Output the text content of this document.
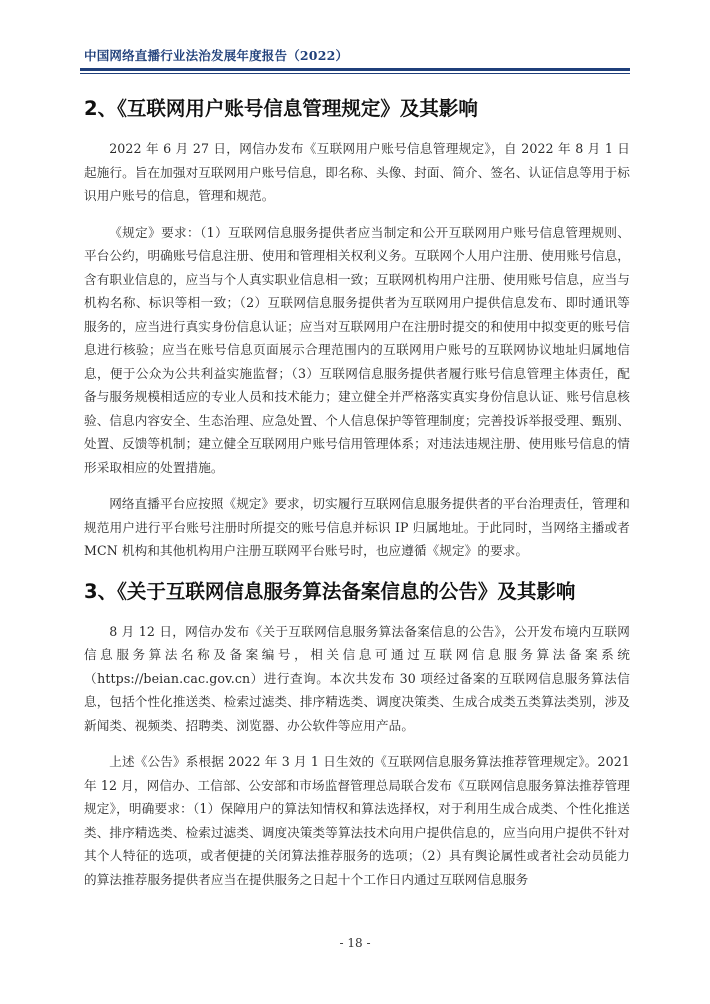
中国网络直播行业法治发展年度报告（2022）
2、《互联网用户账号信息管理规定》及其影响

2022 年 6 月 27 日，网信办发布《互联网用户账号信息管理规定》，自 2022 年 8 月 1 日起施行。旨在加强对互联网用户账号信息，即名称、头像、封面、简介、签名、认证信息等用于标识用户账号的信息，管理和规范。

《规定》要求：（1）互联网信息服务提供者应当制定和公开互联网用户账号信息管理规则、平台公约，明确账号信息注册、使用和管理相关权利义务。互联网个人用户注册、使用账号信息，含有职业信息的，应当与个人真实职业信息相一致；互联网机构用户注册、使用账号信息，应当与机构名称、标识等相一致；（2）互联网信息服务提供者为互联网用户提供信息发布、即时通讯等服务的，应当进行真实身份信息认证；应当对互联网用户在注册时提交的和使用中拟变更的账号信息进行核验；应当在账号信息页面展示合理范围内的互联网用户账号的互联网协议地址归属地信息，便于公众为公共利益实施监督；（3）互联网信息服务提供者履行账号信息管理主体责任，配备与服务规模相适应的专业人员和技术能力；建立健全并严格落实真实身份信息认证、账号信息核验、信息内容安全、生态治理、应急处置、个人信息保护等管理制度；完善投诉举报受理、甄别、处置、反馈等机制；建立健全互联网用户账号信用管理体系；对违法违规注册、使用账号信息的情形采取相应的处置措施。

网络直播平台应按照《规定》要求，切实履行互联网信息服务提供者的平台治理责任，管理和规范用户进行平台账号注册时所提交的账号信息并标识 IP 归属地址。于此同时，当网络主播或者 MCN 机构和其他机构用户注册互联网平台账号时，也应遵循《规定》的要求。

3、《关于互联网信息服务算法备案信息的公告》及其影响

8 月 12 日，网信办发布《关于互联网信息服务算法备案信息的公告》，公开发布境内互联网信息服务算法名称及备案编号，相关信息可通过互联网信息服务算法备案系统（https://beian.cac.gov.cn）进行查询。本次共发布 30 项经过备案的互联网信息服务算法信息，包括个性化推送类、检索过滤类、排序精选类、调度决策类、生成合成类五类算法类别，涉及新闻类、视频类、招聘类、浏览器、办公软件等应用产品。

上述《公告》系根据 2022 年 3 月 1 日生效的《互联网信息服务算法推荐管理规定》。2021 年 12 月，网信办、工信部、公安部和市场监督管理总局联合发布《互联网信息服务算法推荐管理规定》，明确要求：（1）保障用户的算法知情权和算法选择权，对于利用生成合成类、个性化推送类、排序精选类、检索过滤类、调度决策类等算法技术向用户提供信息的，应当向用户提供不针对其个人特征的选项，或者便捷的关闭算法推荐服务的选项；（2）具有舆论属性或者社会动员能力的算法推荐服务提供者应当在提供服务之日起十个工作日内通过互联网信息服务

- 18 -
